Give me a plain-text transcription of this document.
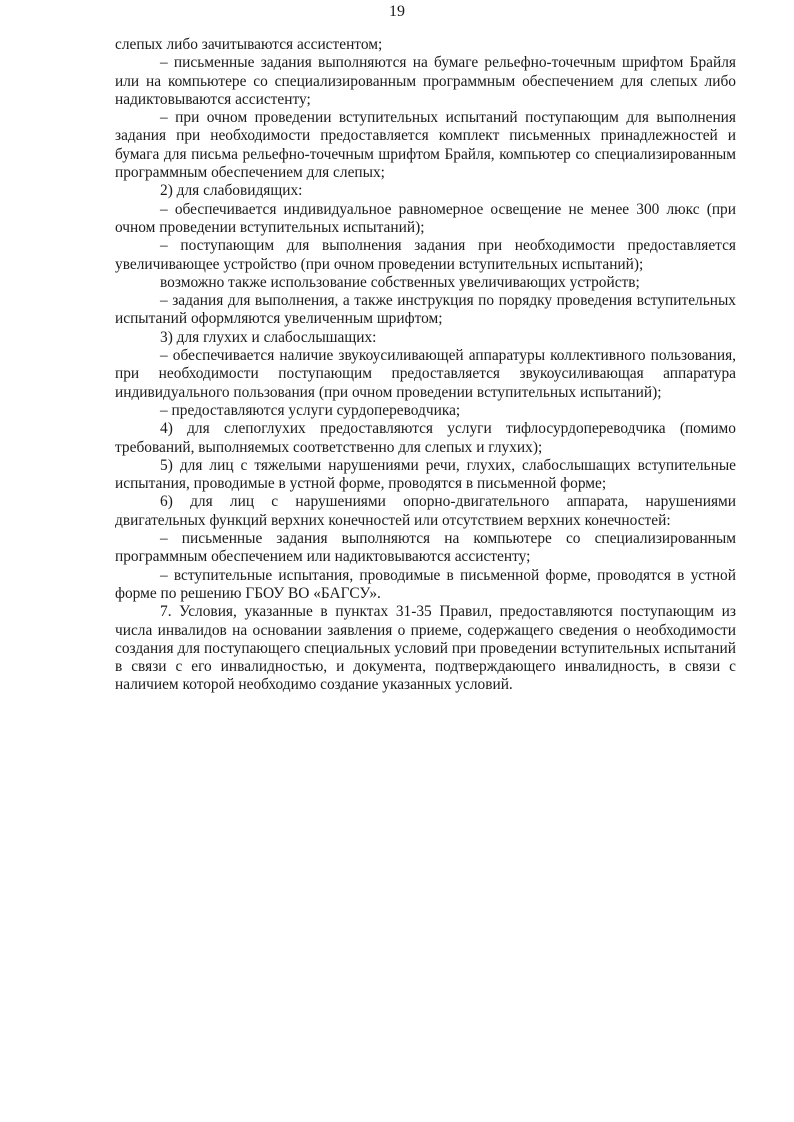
19

слепых либо зачитываются ассистентом;

– письменные задания выполняются на бумаге рельефно-точечным шрифтом Брайля или на компьютере со специализированным программным обеспечением для слепых либо надиктовываются ассистенту;

– при очном проведении вступительных испытаний поступающим для выполнения задания при необходимости предоставляется комплект письменных принадлежностей и бумага для письма рельефно-точечным шрифтом Брайля, компьютер со специализированным программным обеспечением для слепых;

2) для слабовидящих:

– обеспечивается индивидуальное равномерное освещение не менее 300 люкс (при очном проведении вступительных испытаний);

– поступающим для выполнения задания при необходимости предоставляется увеличивающее устройство (при очном проведении вступительных испытаний);

возможно также использование собственных увеличивающих устройств;

– задания для выполнения, а также инструкция по порядку проведения вступительных испытаний оформляются увеличенным шрифтом;

3) для глухих и слабослышащих:

– обеспечивается наличие звукоусиливающей аппаратуры коллективного пользования, при необходимости поступающим предоставляется звукоусиливающая аппаратура индивидуального пользования (при очном проведении вступительных испытаний);

– предоставляются услуги сурдопереводчика;

4) для слепоглухих предоставляются услуги тифлосурдопереводчика (помимо требований, выполняемых соответственно для слепых и глухих);

5) для лиц с тяжелыми нарушениями речи, глухих, слабослышащих вступительные испытания, проводимые в устной форме, проводятся в письменной форме;

6) для лиц с нарушениями опорно-двигательного аппарата, нарушениями двигательных функций верхних конечностей или отсутствием верхних конечностей:

– письменные задания выполняются на компьютере со специализированным программным обеспечением или надиктовываются ассистенту;

– вступительные испытания, проводимые в письменной форме, проводятся в устной форме по решению ГБОУ ВО «БАГСУ».

7. Условия, указанные в пунктах 31-35 Правил, предоставляются поступающим из числа инвалидов на основании заявления о приеме, содержащего сведения о необходимости создания для поступающего специальных условий при проведении вступительных испытаний в связи с его инвалидностью, и документа, подтверждающего инвалидность, в связи с наличием которой необходимо создание указанных условий.
